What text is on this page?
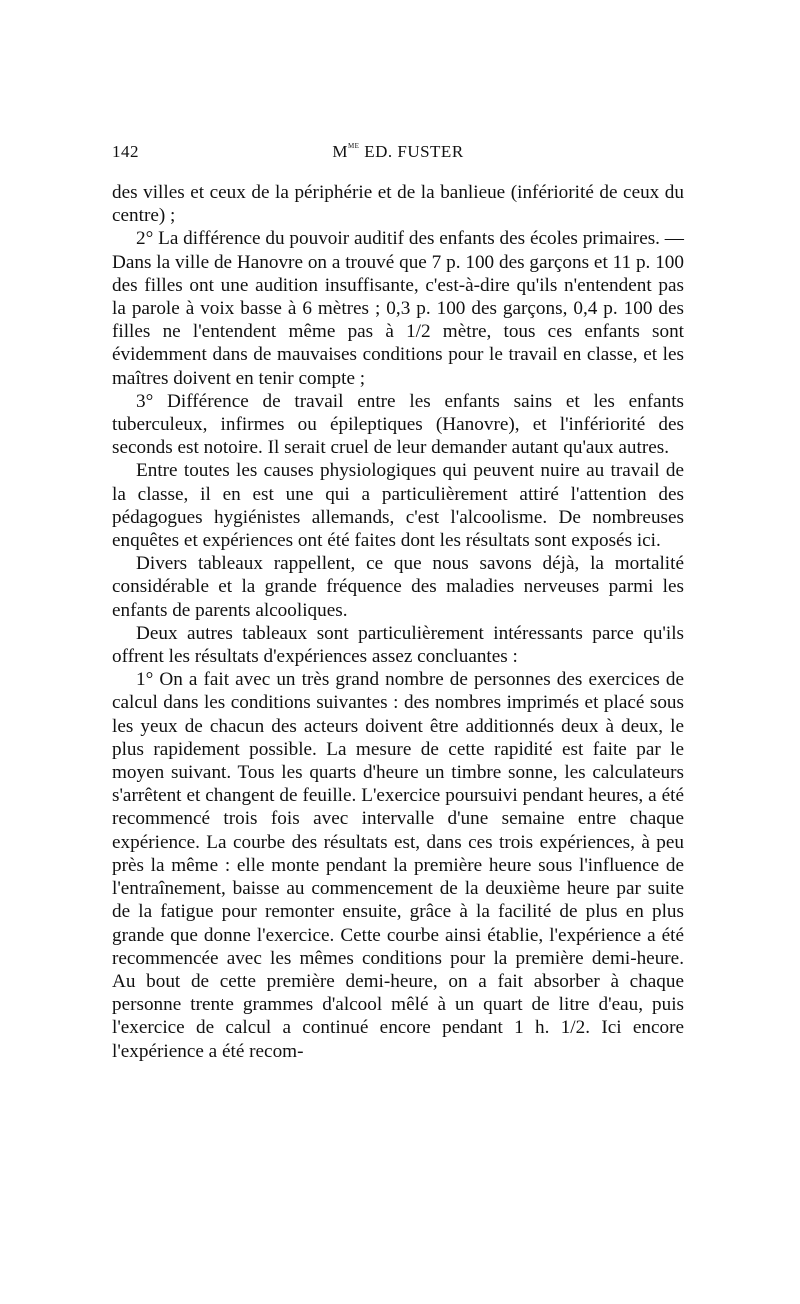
142	$M^{me}$ ED. FUSTER

des villes et ceux de la périphérie et de la banlieue (infériorité de ceux du centre) ;

2° La différence du pouvoir auditif des enfants des écoles primaires. — Dans la ville de Hanovre on a trouvé que 7 p. 100 des garçons et 11 p. 100 des filles ont une audition insuffisante, c'est-à-dire qu'ils n'entendent pas la parole à voix basse à 6 mètres ; 0,3 p. 100 des garçons, 0,4 p. 100 des filles ne l'entendent même pas à 1/2 mètre, tous ces enfants sont évidemment dans de mauvaises conditions pour le travail en classe, et les maîtres doivent en tenir compte ;

3° Différence de travail entre les enfants sains et les enfants tuberculeux, infirmes ou épileptiques (Hanovre), et l'infériorité des seconds est notoire. Il serait cruel de leur demander autant qu'aux autres.

Entre toutes les causes physiologiques qui peuvent nuire au travail de la classe, il en est une qui a particulièrement attiré l'attention des pédagogues hygiénistes allemands, c'est l'alcoolisme. De nombreuses enquêtes et expériences ont été faites dont les résultats sont exposés ici.

Divers tableaux rappellent, ce que nous savons déjà, la mortalité considérable et la grande fréquence des maladies nerveuses parmi les enfants de parents alcooliques.

Deux autres tableaux sont particulièrement intéressants parce qu'ils offrent les résultats d'expériences assez concluantes :

1° On a fait avec un très grand nombre de personnes des exercices de calcul dans les conditions suivantes : des nombres imprimés et placé sous les yeux de chacun des acteurs doivent être additionnés deux à deux, le plus rapidement possible. La mesure de cette rapidité est faite par le moyen suivant. Tous les quarts d'heure un timbre sonne, les calculateurs s'arrêtent et changent de feuille. L'exercice poursuivi pendant heures, a été recommencé trois fois avec intervalle d'une semaine entre chaque expérience. La courbe des résultats est, dans ces trois expériences, à peu près la même : elle monte pendant la première heure sous l'influence de l'entraînement, baisse au commencement de la deuxième heure par suite de la fatigue pour remonter ensuite, grâce à la facilité de plus en plus grande que donne l'exercice. Cette courbe ainsi établie, l'expérience a été recommencée avec les mêmes conditions pour la première demi-heure. Au bout de cette première demi-heure, on a fait absorber à chaque personne trente grammes d'alcool mêlé à un quart de litre d'eau, puis l'exercice de calcul a continué encore pendant 1 h. 1/2. Ici encore l'expérience a été recom-
